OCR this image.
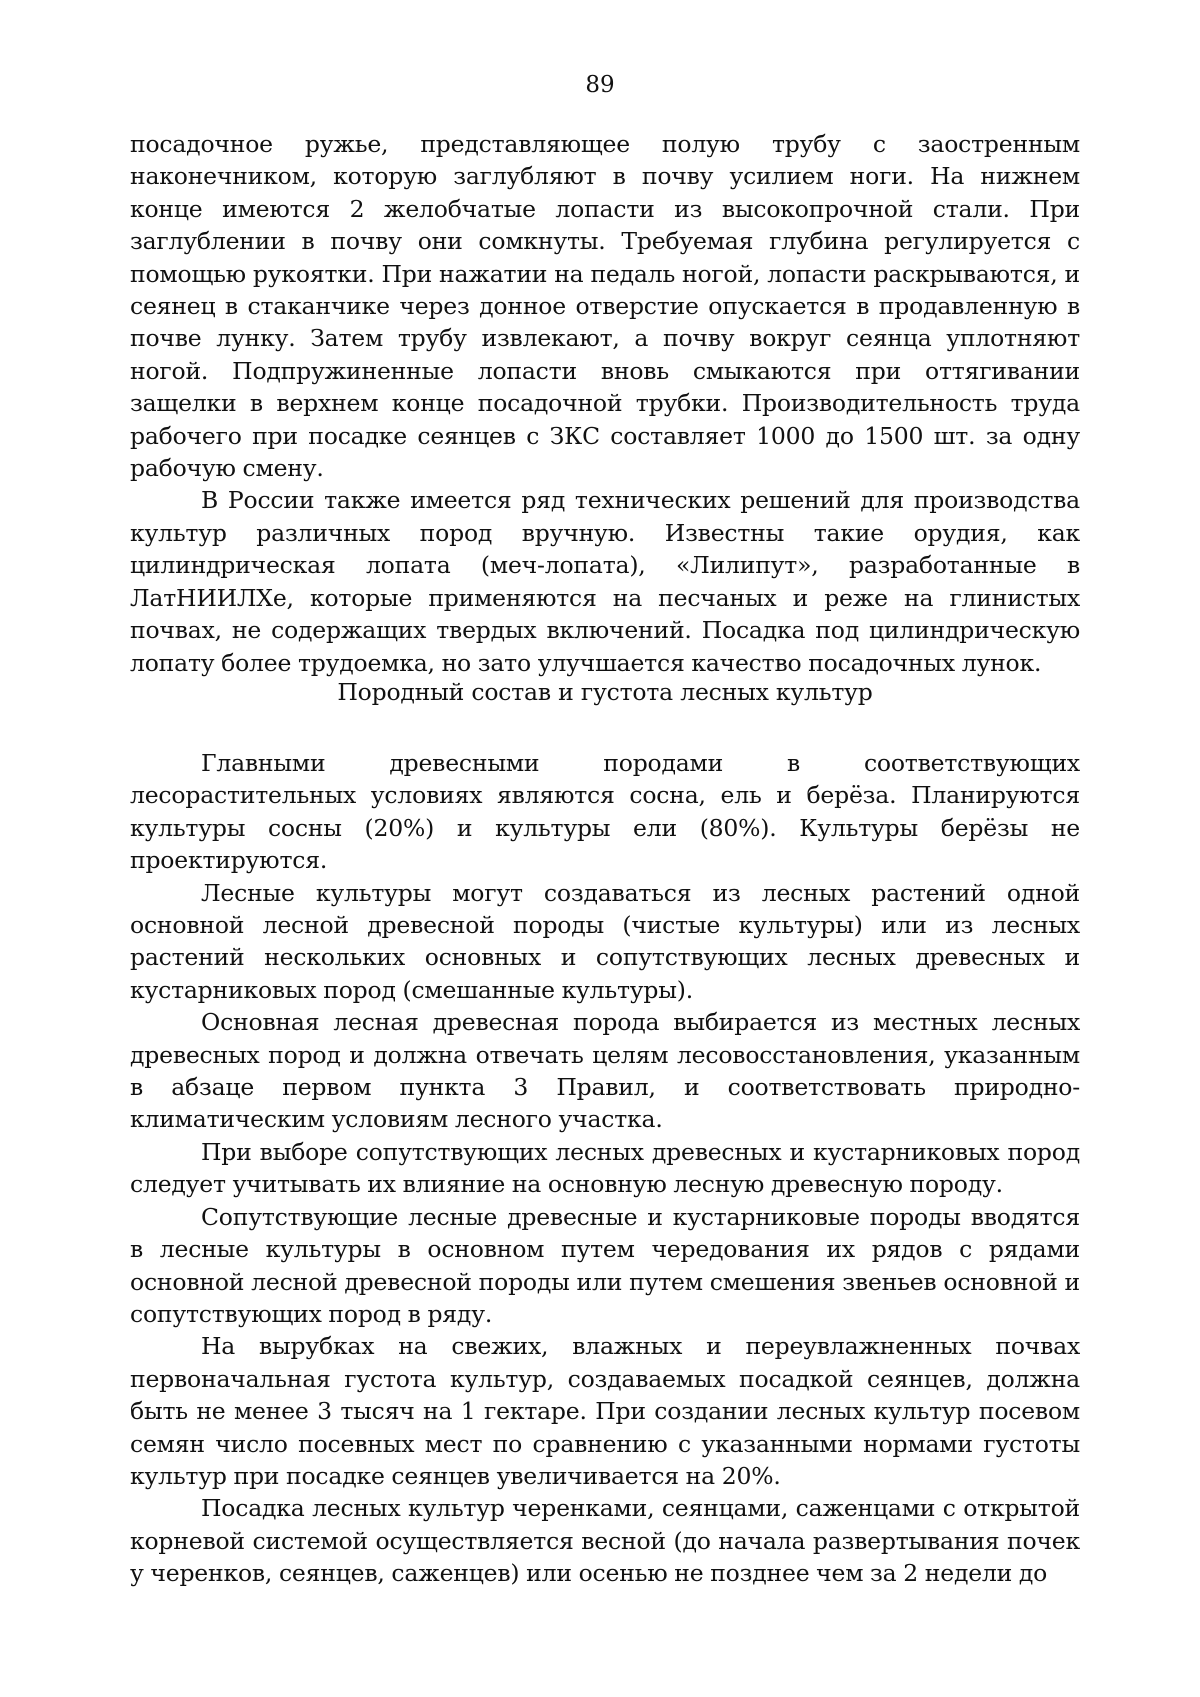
89

посадочное ружье, представляющее полую трубу с заостренным наконечником, которую заглубляют в почву усилием ноги. На нижнем конце имеются 2 желобчатые лопасти из высокопрочной стали. При заглублении в почву они сомкнуты. Требуемая глубина регулируется с помощью рукоятки. При нажатии на педаль ногой, лопасти раскрываются, и сеянец в стаканчике через донное отверстие опускается в продавленную в почве лунку. Затем трубу извлекают, а почву вокруг сеянца уплотняют ногой. Подпружиненные лопасти вновь смыкаются при оттягивании защелки в верхнем конце посадочной трубки. Производительность труда рабочего при посадке сеянцев с ЗКС составляет 1000 до 1500 шт. за одну рабочую смену.

В России также имеется ряд технических решений для производства культур различных пород вручную. Известны такие орудия, как цилиндрическая лопата (меч-лопата), «Лилипут», разработанные в ЛатНИИЛХе, которые применяются на песчаных и реже на глинистых почвах, не содержащих твердых включений. Посадка под цилиндрическую лопату более трудоемка, но зато улучшается качество посадочных лунок.

Породный состав и густота лесных культур

Главными древесными породами в соответствующих лесорастительных условиях являются сосна, ель и берёза. Планируются культуры сосны (20%) и культуры ели (80%). Культуры берёзы не проектируются.

Лесные культуры могут создаваться из лесных растений одной основной лесной древесной породы (чистые культуры) или из лесных растений нескольких основных и сопутствующих лесных древесных и кустарниковых пород (смешанные культуры).

Основная лесная древесная порода выбирается из местных лесных древесных пород и должна отвечать целям лесовосстановления, указанным в абзаце первом пункта 3 Правил, и соответствовать природно-климатическим условиям лесного участка.

При выборе сопутствующих лесных древесных и кустарниковых пород следует учитывать их влияние на основную лесную древесную породу.

Сопутствующие лесные древесные и кустарниковые породы вводятся в лесные культуры в основном путем чередования их рядов с рядами основной лесной древесной породы или путем смешения звеньев основной и сопутствующих пород в ряду.

На вырубках на свежих, влажных и переувлажненных почвах первоначальная густота культур, создаваемых посадкой сеянцев, должна быть не менее 3 тысяч на 1 гектаре. При создании лесных культур посевом семян число посевных мест по сравнению с указанными нормами густоты культур при посадке сеянцев увеличивается на 20%.

Посадка лесных культур черенками, сеянцами, саженцами с открытой корневой системой осуществляется весной (до начала развертывания почек у черенков, сеянцев, саженцев) или осенью не позднее чем за 2 недели до
